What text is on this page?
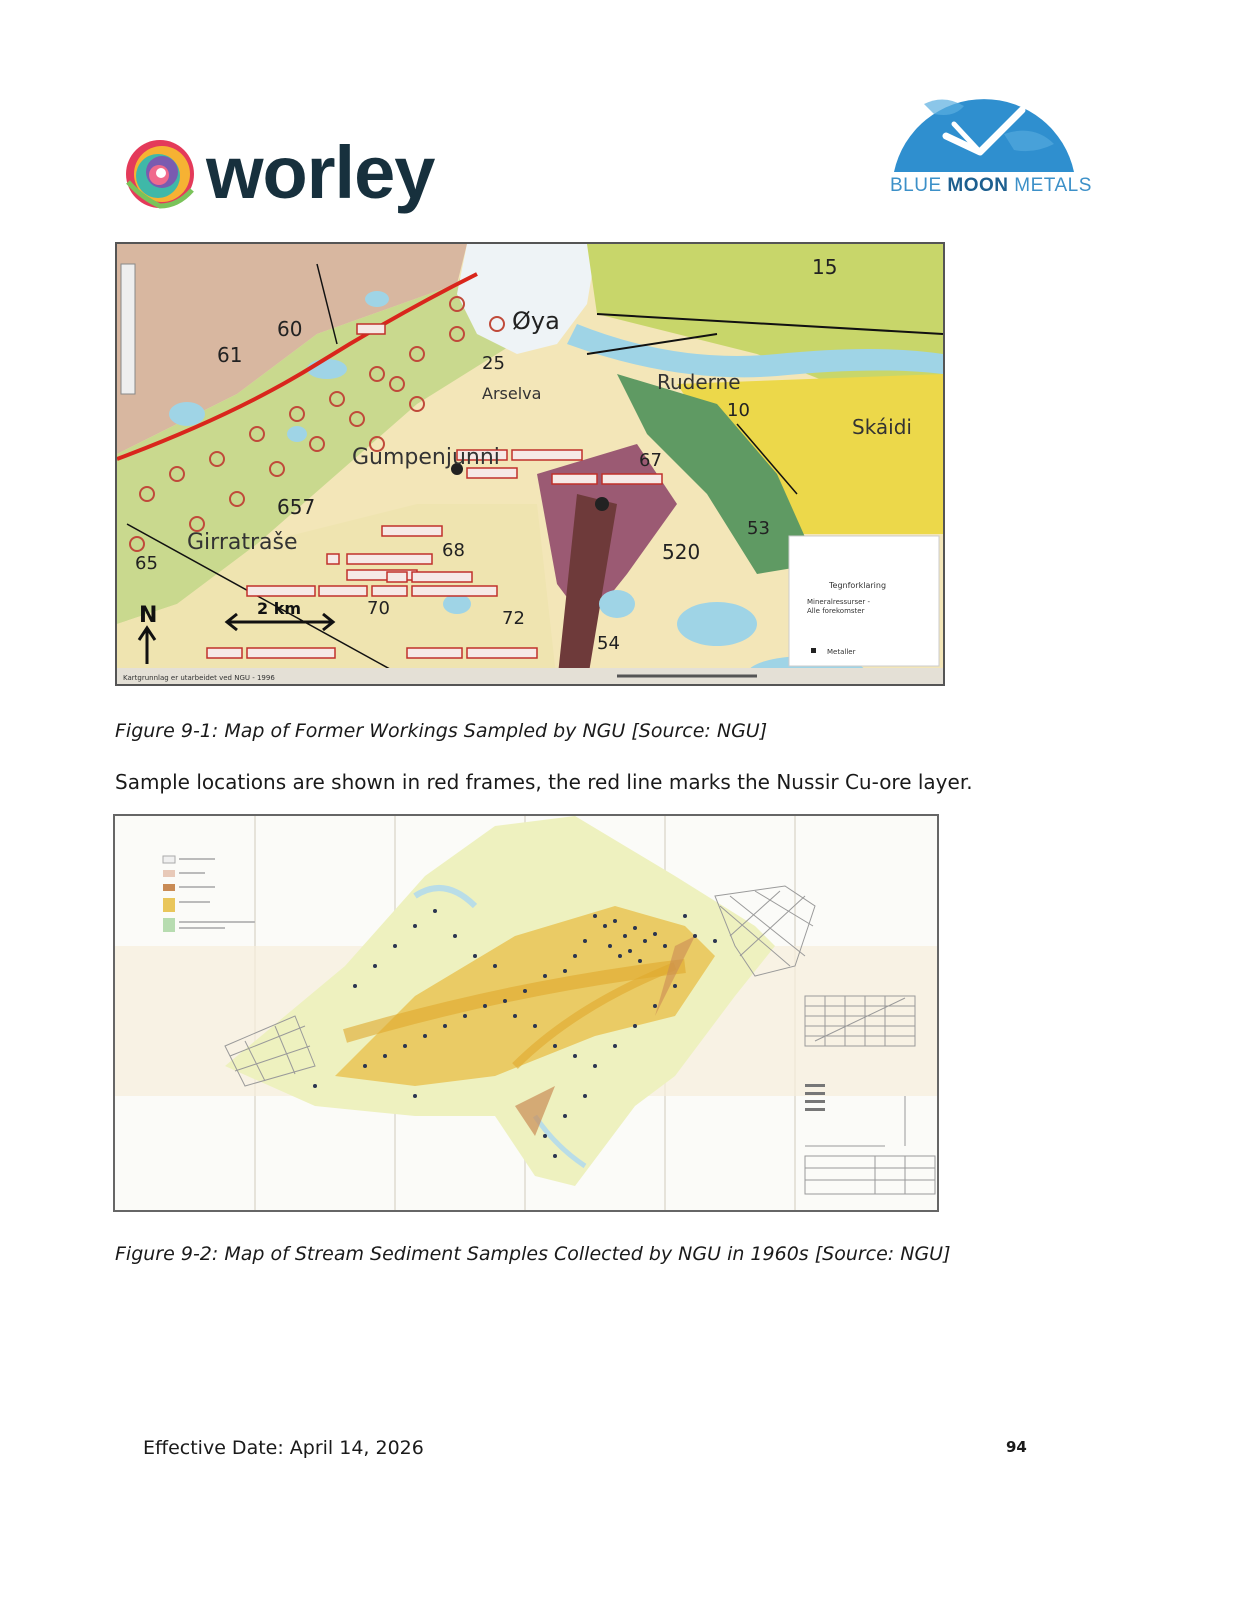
worley	BLUE MOON METALS
Øya
Gumpenjunni
Girratraše
Skáidi
Ruderne
Arselva
15
25
60
61
65
67
68
657
520
53
54
10
70	72
N	2 km
Tegnforklaring
Mineralressurser -
Alle forekomster
Metaller
Kartgrunnlag er utarbeidet ved NGU - 1996
Figure 9-1: Map of Former Workings Sampled by NGU [Source: NGU]
Sample locations are shown in red frames, the red line marks the Nussir Cu-ore layer.
Figure 9-2: Map of Stream Sediment Samples Collected by NGU in 1960s [Source: NGU]
Effective Date: April 14, 2026	94
